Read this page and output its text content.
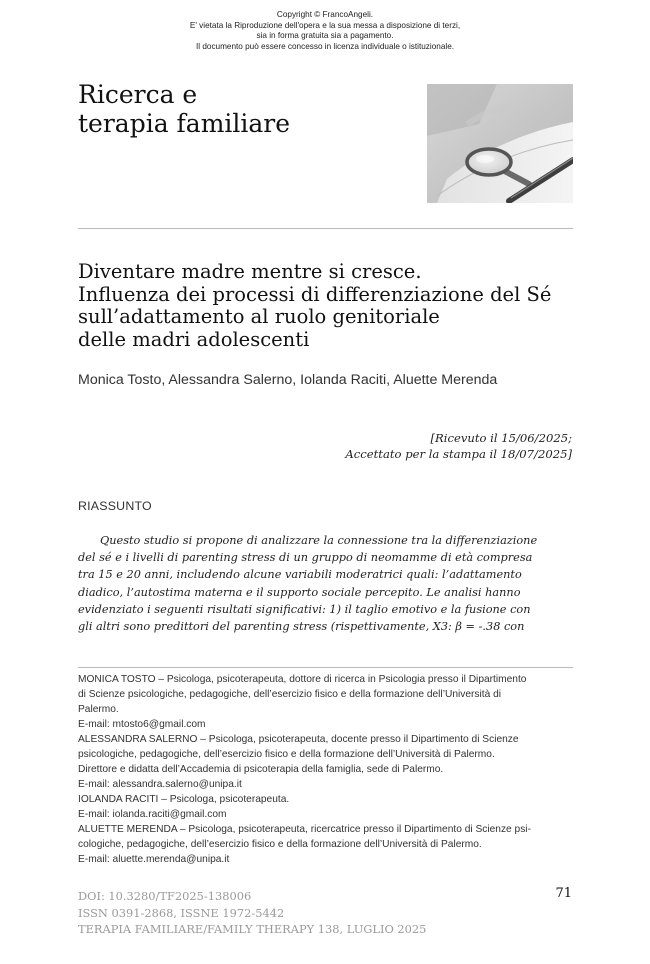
Copyright © FrancoAngeli.
E' vietata la Riproduzione dell'opera e la sua messa a disposizione di terzi,
sia in forma gratuita sia a pagamento.
Il documento può essere concesso in licenza individuale o istituzionale.
Ricerca e
terapia familiare
Diventare madre mentre si cresce.
Influenza dei processi di differenziazione del Sé
sull’adattamento al ruolo genitoriale
delle madri adolescenti
Monica Tosto, Alessandra Salerno, Iolanda Raciti, Aluette Merenda
[Ricevuto il 15/06/2025;
Accettato per la stampa il 18/07/2025]
RIASSUNTO
Questo studio si propone di analizzare la connessione tra la differenziazione
del sé e i livelli di parenting stress di un gruppo di neomamme di età compresa
tra 15 e 20 anni, includendo alcune variabili moderatrici quali: l’adattamento
diadico, l’autostima materna e il supporto sociale percepito. Le analisi hanno
evidenziato i seguenti risultati significativi: 1) il taglio emotivo e la fusione con
gli altri sono predittori del parenting stress (rispettivamente, X3: β = -.38 con
MONICA TOSTO – Psicologa, psicoterapeuta, dottore di ricerca in Psicologia presso il Dipartimento
di Scienze psicologiche, pedagogiche, dell’esercizio fisico e della formazione dell’Università di
Palermo.
E-mail: mtosto6@gmail.com
ALESSANDRA SALERNO – Psicologa, psicoterapeuta, docente presso il Dipartimento di Scienze
psicologiche, pedagogiche, dell’esercizio fisico e della formazione dell’Università di Palermo.
Direttore e didatta dell’Accademia di psicoterapia della famiglia, sede di Palermo.
E-mail: alessandra.salerno@unipa.it
IOLANDA RACITI – Psicologa, psicoterapeuta.
E-mail: iolanda.raciti@gmail.com
ALUETTE MERENDA – Psicologa, psicoterapeuta, ricercatrice presso il Dipartimento di Scienze psi-
cologiche, pedagogiche, dell’esercizio fisico e della formazione dell’Università di Palermo.
E-mail: aluette.merenda@unipa.it
DOI: 10.3280/TF2025-138006
ISSN 0391-2868, ISSNE 1972-5442
TERAPIA FAMILIARE/FAMILY THERAPY 138, LUGLIO 2025
71
